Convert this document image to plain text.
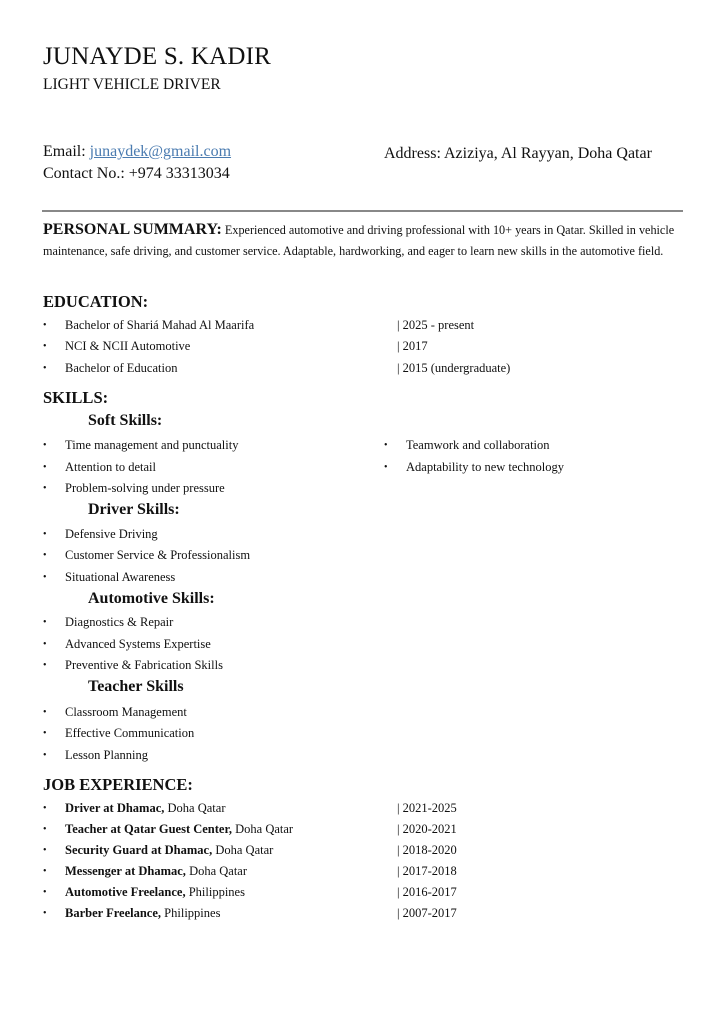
JUNAYDE S. KADIR
LIGHT VEHICLE DRIVER
Email: junaydek@gmail.com
Contact No.: +974 33313034
Address: Aziziya, Al Rayyan, Doha Qatar
PERSONAL SUMMARY: Experienced automotive and driving professional with 10+ years in Qatar. Skilled in vehicle maintenance, safe driving, and customer service. Adaptable, hardworking, and eager to learn new skills in the automotive field.
EDUCATION:
• Bachelor of Shariá Mahad Al Maarifa	| 2025 - present
• NCI & NCII Automotive	| 2017
• Bachelor of Education	| 2015 (undergraduate)
SKILLS:
Soft Skills:
• Time management and punctuality
• Attention to detail
• Problem-solving under pressure
• Teamwork and collaboration
• Adaptability to new technology
Driver Skills:
• Defensive Driving
• Customer Service & Professionalism
• Situational Awareness
Automotive Skills:
• Diagnostics & Repair
• Advanced Systems Expertise
• Preventive & Fabrication Skills
Teacher Skills
• Classroom Management
• Effective Communication
• Lesson Planning
JOB EXPERIENCE:
• Driver at Dhamac, Doha Qatar	| 2021-2025
• Teacher at Qatar Guest Center, Doha Qatar	| 2020-2021
• Security Guard at Dhamac, Doha Qatar	| 2018-2020
• Messenger at Dhamac, Doha Qatar	| 2017-2018
• Automotive Freelance, Philippines	| 2016-2017
• Barber Freelance, Philippines	| 2007-2017
